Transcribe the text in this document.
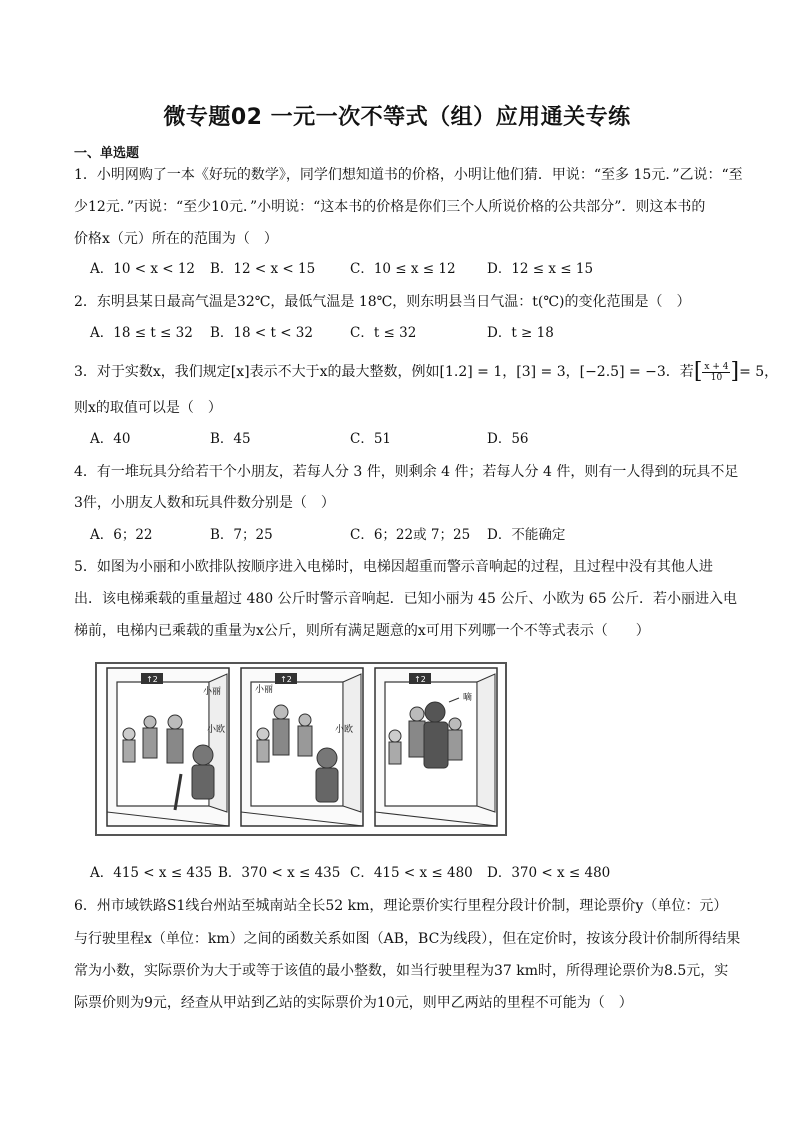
微专题02 一元一次不等式（组）应用通关专练
一、单选题
1．小明网购了一本《好玩的数学》，同学们想知道书的价格，小明让他们猜．甲说：“至多 15元．”乙说：“至
少12元．”丙说：“至少10元．”小明说：“这本书的价格是你们三个人所说价格的公共部分”．则这本书的
价格x（元）所在的范围为（　）
A．10 < x < 12 B．12 < x < 15	C．10 ≤ x ≤ 12 D．12 ≤ x ≤ 15
2．东明县某日最高气温是32℃，最低气温是 18℃，则东明县当日气温：t(℃)的变化范围是（　）
A．18 ≤ t ≤ 32 B．18 < t < 32	C．t ≤ 32	D．t ≥ 18
3．对于实数x，我们规定[x]表示不大于x的最大整数，例如[1.2] = 1，[3] = 3，[−2.5] = −3．若[ $\frac{x + 4}{10}$ ]= 5，
则x的取值可以是（　）
A．40	B．45	C．51	D．56
4．有一堆玩具分给若干个小朋友，若每人分 3 件，则剩余 4 件；若每人分 4 件，则有一人得到的玩具不足
3件，小朋友人数和玩具件数分别是（　）
A．6；22	B．7；25	C．6；22或 7；25 D．不能确定
5．如图为小丽和小欧排队按顺序进入电梯时，电梯因超重而警示音响起的过程，且过程中没有其他人进
出．该电梯乘载的重量超过 480 公斤时警示音响起．已知小丽为 45 公斤、小欧为 65 公斤．若小丽进入电
梯前，电梯内已乘载的重量为x公斤，则所有满足题意的x可用下列哪一个不等式表示（　　）
↑2
小丽
小欧
↑2
小丽
小欧
↑2
嘀
A．415 < x ≤ 435 B．370 < x ≤ 435 C．415 < x ≤ 480 D．370 < x ≤ 480
6．州市域铁路S1线台州站至城南站全长52 km，理论票价实行里程分段计价制，理论票价y（单位：元）
与行驶里程x（单位：km）之间的函数关系如图（AB，BC为线段），但在定价时，按该分段计价制所得结果
常为小数，实际票价为大于或等于该值的最小整数，如当行驶里程为37 km时，所得理论票价为8.5元，实
际票价则为9元，经查从甲站到乙站的实际票价为10元，则甲乙两站的里程不可能为（　）
